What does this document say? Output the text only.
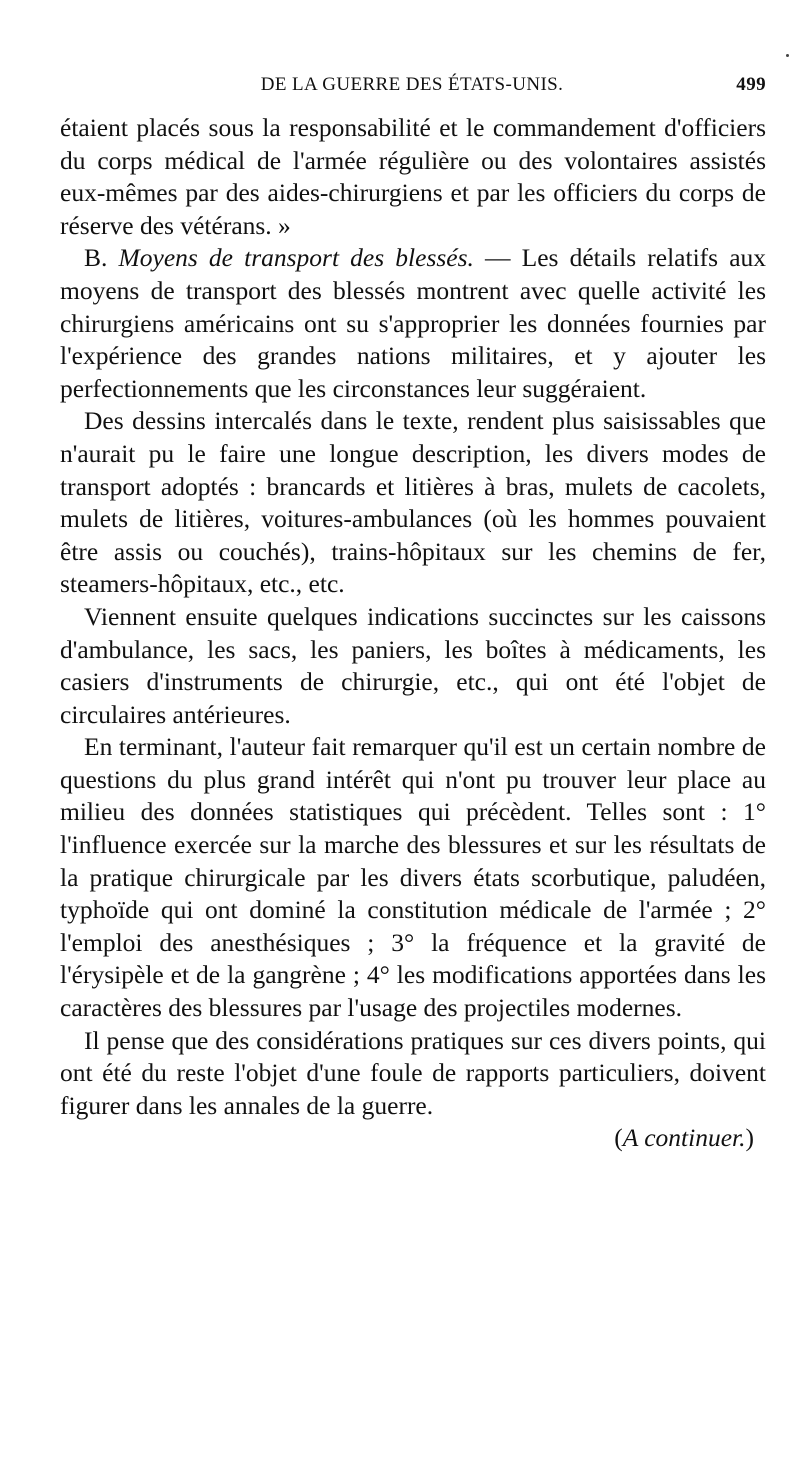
DE LA GUERRE DES ÉTATS-UNIS.	499

étaient placés sous la responsabilité et le commandement d'officiers du corps médical de l'armée régulière ou des volontaires assistés eux-mêmes par des aides-chirurgiens et par les officiers du corps de réserve des vétérans. »

B. Moyens de transport des blessés. — Les détails relatifs aux moyens de transport des blessés montrent avec quelle activité les chirurgiens américains ont su s'approprier les données fournies par l'expérience des grandes nations militaires, et y ajouter les perfectionnements que les circonstances leur suggéraient.

Des dessins intercalés dans le texte, rendent plus saisissables que n'aurait pu le faire une longue description, les divers modes de transport adoptés : brancards et litières à bras, mulets de cacolets, mulets de litières, voitures-ambulances (où les hommes pouvaient être assis ou couchés), trains-hôpitaux sur les chemins de fer, steamers-hôpitaux, etc., etc.

Viennent ensuite quelques indications succinctes sur les caissons d'ambulance, les sacs, les paniers, les boîtes à médicaments, les casiers d'instruments de chirurgie, etc., qui ont été l'objet de circulaires antérieures.

En terminant, l'auteur fait remarquer qu'il est un certain nombre de questions du plus grand intérêt qui n'ont pu trouver leur place au milieu des données statistiques qui précèdent. Telles sont : 1° l'influence exercée sur la marche des blessures et sur les résultats de la pratique chirurgicale par les divers états scorbutique, paludéen, typhoïde qui ont dominé la constitution médicale de l'armée ; 2° l'emploi des anesthésiques ; 3° la fréquence et la gravité de l'érysipèle et de la gangrène ; 4° les modifications apportées dans les caractères des blessures par l'usage des projectiles modernes.

Il pense que des considérations pratiques sur ces divers points, qui ont été du reste l'objet d'une foule de rapports particuliers, doivent figurer dans les annales de la guerre.

(A continuer.)
